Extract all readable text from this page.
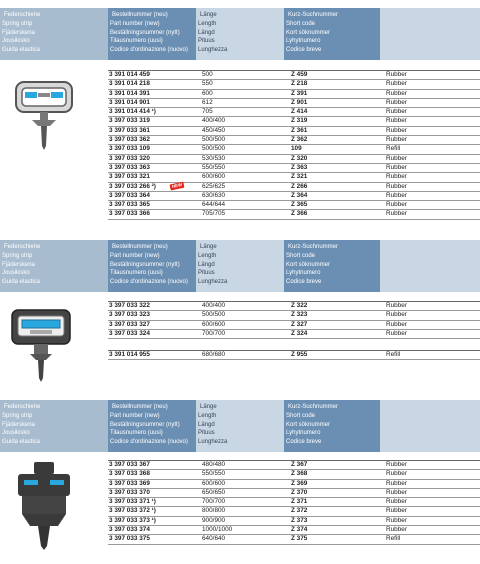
Federschiene
Spring strip
Fjäderskena
Jousikisko
Guida elastica
Bestellnummer (neu)
Part number (new)
Beställningsnummer (nytt)
Tilausnumero (uusi)
Codice d'ordinazione (nuovo)
Länge
Length
Längd
Pituus
Lunghezza
Kurz-Suchnummer
Short code
Kort söknummer
Lyhytnumero
Codice breve
3 391 014 459	500	Z 459	Rubber
3 391 014 218	550	Z 218	Rubber
3 391 014 391	600	Z 391	Rubber
3 391 014 901	612	Z 901	Rubber
3 391 014 414 ¹)	705	Z 414	Rubber
3 397 033 319	400/400	Z 319	Rubber
3 397 033 361	450/450	Z 361	Rubber
3 397 033 362	500/500	Z 362	Rubber
3 397 033 109	500/500	109	Refill
3 397 033 320	530/530	Z 320	Rubber
3 397 033 363	550/550	Z 363	Rubber
3 397 033 321	600/600	Z 321	Rubber
3 397 033 266 ²)	625/625	Z 266	Rubber
NEW
3 397 033 364	630/630	Z 364	Rubber
3 397 033 365	644/644	Z 365	Rubber
3 397 033 366	705/705	Z 366	Rubber
Federschiene
Spring strip
Fjäderskena
Jousikisko
Guida elastica
Bestellnummer (neu)
Part number (new)
Beställningsnummer (nytt)
Tilausnumero (uusi)
Codice d'ordinazione (nuovo)
Länge
Length
Längd
Pituus
Lunghezza
Kurz-Suchnummer
Short code
Kort söknummer
Lyhytnumero
Codice breve
3 397 033 322	400/400	Z 322	Rubber
3 397 033 323	500/500	Z 323	Rubber
3 397 033 327	600/600	Z 327	Rubber
3 397 033 324	700/700	Z 324	Rubber
3 391 014 955	680/680	Z 955	Refill
Federschiene
Spring strip
Fjäderskena
Jousikisko
Guida elastica
Bestellnummer (neu)
Part number (new)
Beställningsnummer (nytt)
Tilausnumero (uusi)
Codice d'ordinazione (nuovo)
Länge
Length
Längd
Pituus
Lunghezza
Kurz-Suchnummer
Short code
Kort söknummer
Lyhytnumero
Codice breve
3 397 033 367	480/480	Z 367	Rubber
3 397 033 368	550/550	Z 368	Rubber
3 397 033 369	600/600	Z 369	Rubber
3 397 033 370	650/650	Z 370	Rubber
3 397 033 371 ¹)	700/700	Z 371	Rubber
3 397 033 372 ¹)	800/800	Z 372	Rubber
3 397 033 373 ¹)	900/900	Z 373	Rubber
3 397 033 374	1000/1000	Z 374	Rubber
3 397 033 375	640/640	Z 375	Refill
